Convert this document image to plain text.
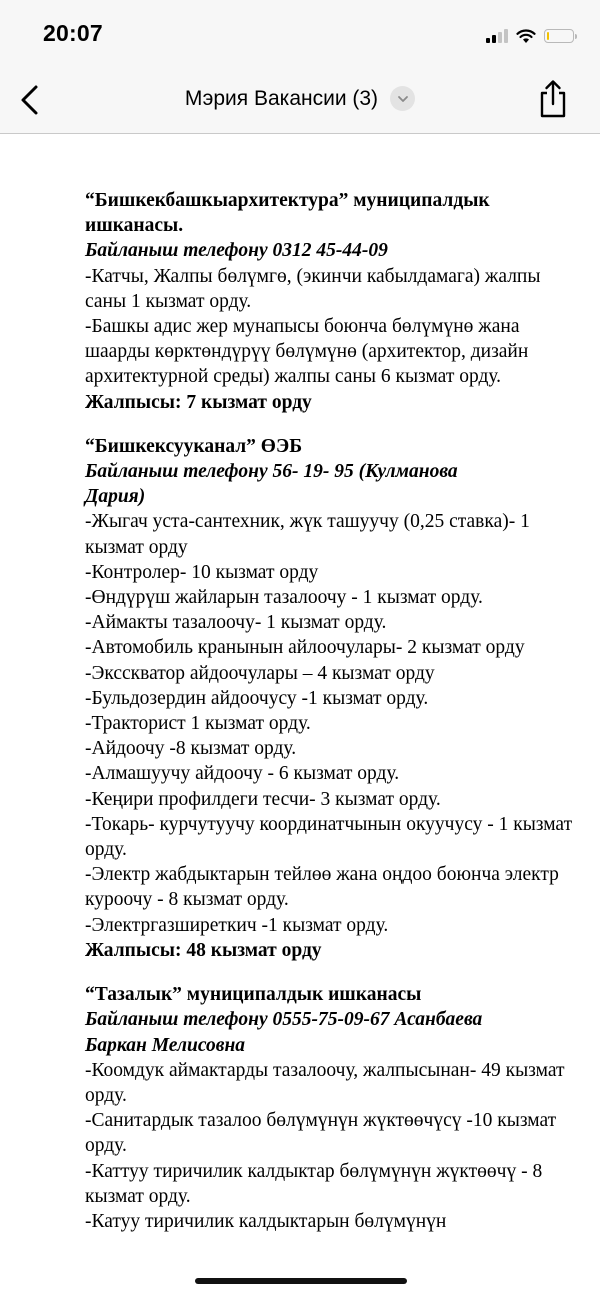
20:07
Мэрия Вакансии (3)
“Бишкекбашкыархитектура” муниципалдык
ишканасы.
Байланыш телефону 0312 45-44-09
-Катчы, Жалпы бөлүмгө, (экинчи кабылдамага) жалпы саны 1 кызмат орду.
-Башкы адис жер мунапысы боюнча бөлүмүнө жана шаарды көрктөндүрүү бөлүмүнө (архитектор, дизайн архитектурной среды) жалпы саны 6 кызмат орду.
Жалпысы: 7 кызмат орду
“Бишкексууканал” ӨЭБ
Байланыш телефону 56- 19- 95 (Кулманова
Дария)
-Жыгач уста-сантехник, жүк ташуучу (0,25 ставка)- 1 кызмат орду
-Контролер- 10 кызмат орду
-Өндүрүш жайларын тазалоочу - 1 кызмат орду.
-Аймакты тазалоочу- 1 кызмат орду.
-Автомобиль кранынын айлоочулары- 2 кызмат орду
-Эксскватор айдоочулары – 4 кызмат орду
-Бульдозердин айдоочусу -1 кызмат орду.
-Тракторист 1 кызмат орду.
-Айдоочу -8 кызмат орду.
-Алмашуучу айдоочу - 6 кызмат орду.
-Кеңири профилдеги тесчи- 3 кызмат орду.
-Токарь- курчутуучу координатчынын окуучусу - 1 кызмат орду.
-Электр жабдыктарын тейлөө жана оңдоо боюнча электр куроочу - 8 кызмат орду.
-Электргазширеткич -1 кызмат орду.
Жалпысы: 48 кызмат орду
“Тазалык” муниципалдык ишканасы
Байланыш телефону 0555-75-09-67 Асанбаева
Баркан Мелисовна
-Коомдук аймактарды тазалоочу, жалпысынан- 49 кызмат орду.
-Санитардык тазалоо бөлүмүнүн жүктөөчүсү -10 кызмат орду.
-Каттуу тиричилик калдыктар бөлүмүнүн жүктөөчү - 8 кызмат орду.
-Катуу тиричилик калдыктарын бөлүмүнүн
